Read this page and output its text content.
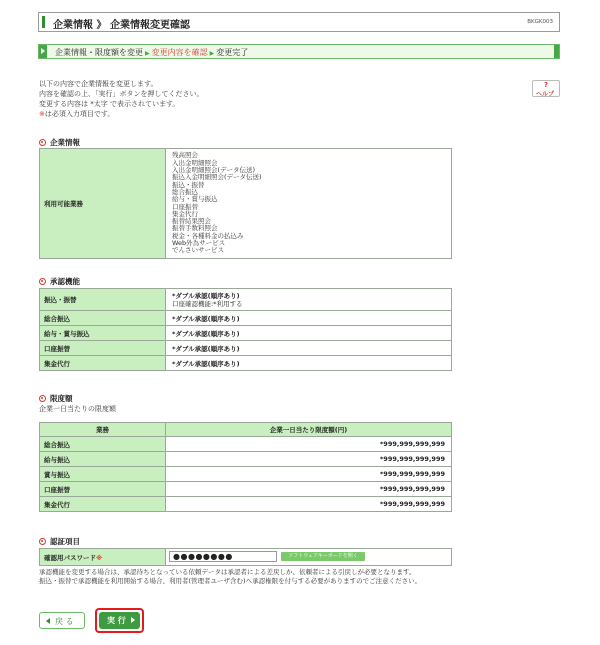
企業情報 》 企業情報変更確認	BKGK003
企業情報・限度額を変更 ▶ 変更内容を確認 ▶ 変更完了
?
ヘルプ
以下の内容で企業情報を変更します。
内容を確認の上、「実行」ボタンを押してください。
変更する内容は *太字 で表示されています。
※は必須入力項目です。
企業情報
利用可能業務	
残高照会
入出金明細照会
入出金明細照会(データ伝送)
振込入金明細照会(データ伝送)
振込・振替
総合振込
給与・賞与振込
口座振替
集金代行
振替結果照会
振替手数料照会
税金・各種料金の払込み
Web外為サービス
でんさいサービス
承認機能
振込・振替	*ダブル承認(順序あり)
口座確認機能:*利用する

総合振込	*ダブル承認(順序あり)
給与・賞与振込	*ダブル承認(順序あり)
口座振替	*ダブル承認(順序あり)
集金代行	*ダブル承認(順序あり)
限度額
企業一日当たりの限度額
業務	企業一日当たり限度額(円)
総合振込	*999,999,999,999
給与振込	*999,999,999,999
賞与振込	*999,999,999,999
口座振替	*999,999,999,999
集金代行	*999,999,999,999
認証項目
確認用パスワード※		●●●●●●●●	ソフトウェアキーボードを開く
承認機能を変更する場合は、承認待ちとなっている依頼データは承認者による差戻しか、依頼者による引戻しが必要となります。
振込・振替で承認機能を利用開始する場合、利用者(管理者ユーザ含む)へ承認権限を付与する必要がありますのでご注意ください。
戻 る	実 行
